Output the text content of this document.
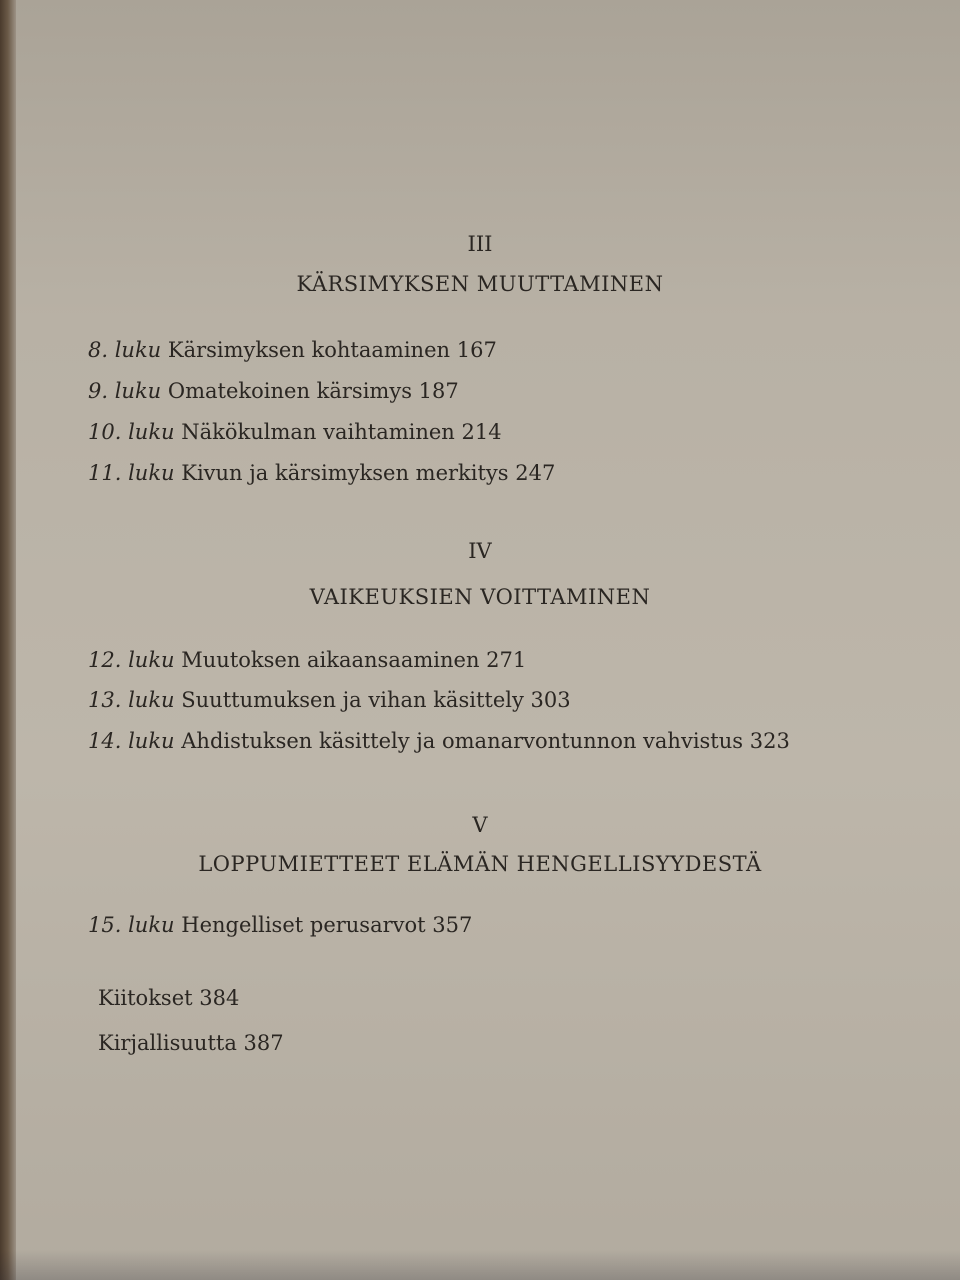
III
KÄRSIMYKSEN MUUTTAMINEN
8. luku Kärsimyksen kohtaaminen 167
9. luku Omatekoinen kärsimys 187
10. luku Näkökulman vaihtaminen 214
11. luku Kivun ja kärsimyksen merkitys 247
IV
VAIKEUKSIEN VOITTAMINEN
12. luku Muutoksen aikaansaaminen 271
13. luku Suuttumuksen ja vihan käsittely 303
14. luku Ahdistuksen käsittely ja omanarvontunnon vahvistus 323
V
LOPPUMIETTEET ELÄMÄN HENGELLISYYDESTÄ
15. luku Hengelliset perusarvot 357
Kiitokset 384
Kirjallisuutta 387
